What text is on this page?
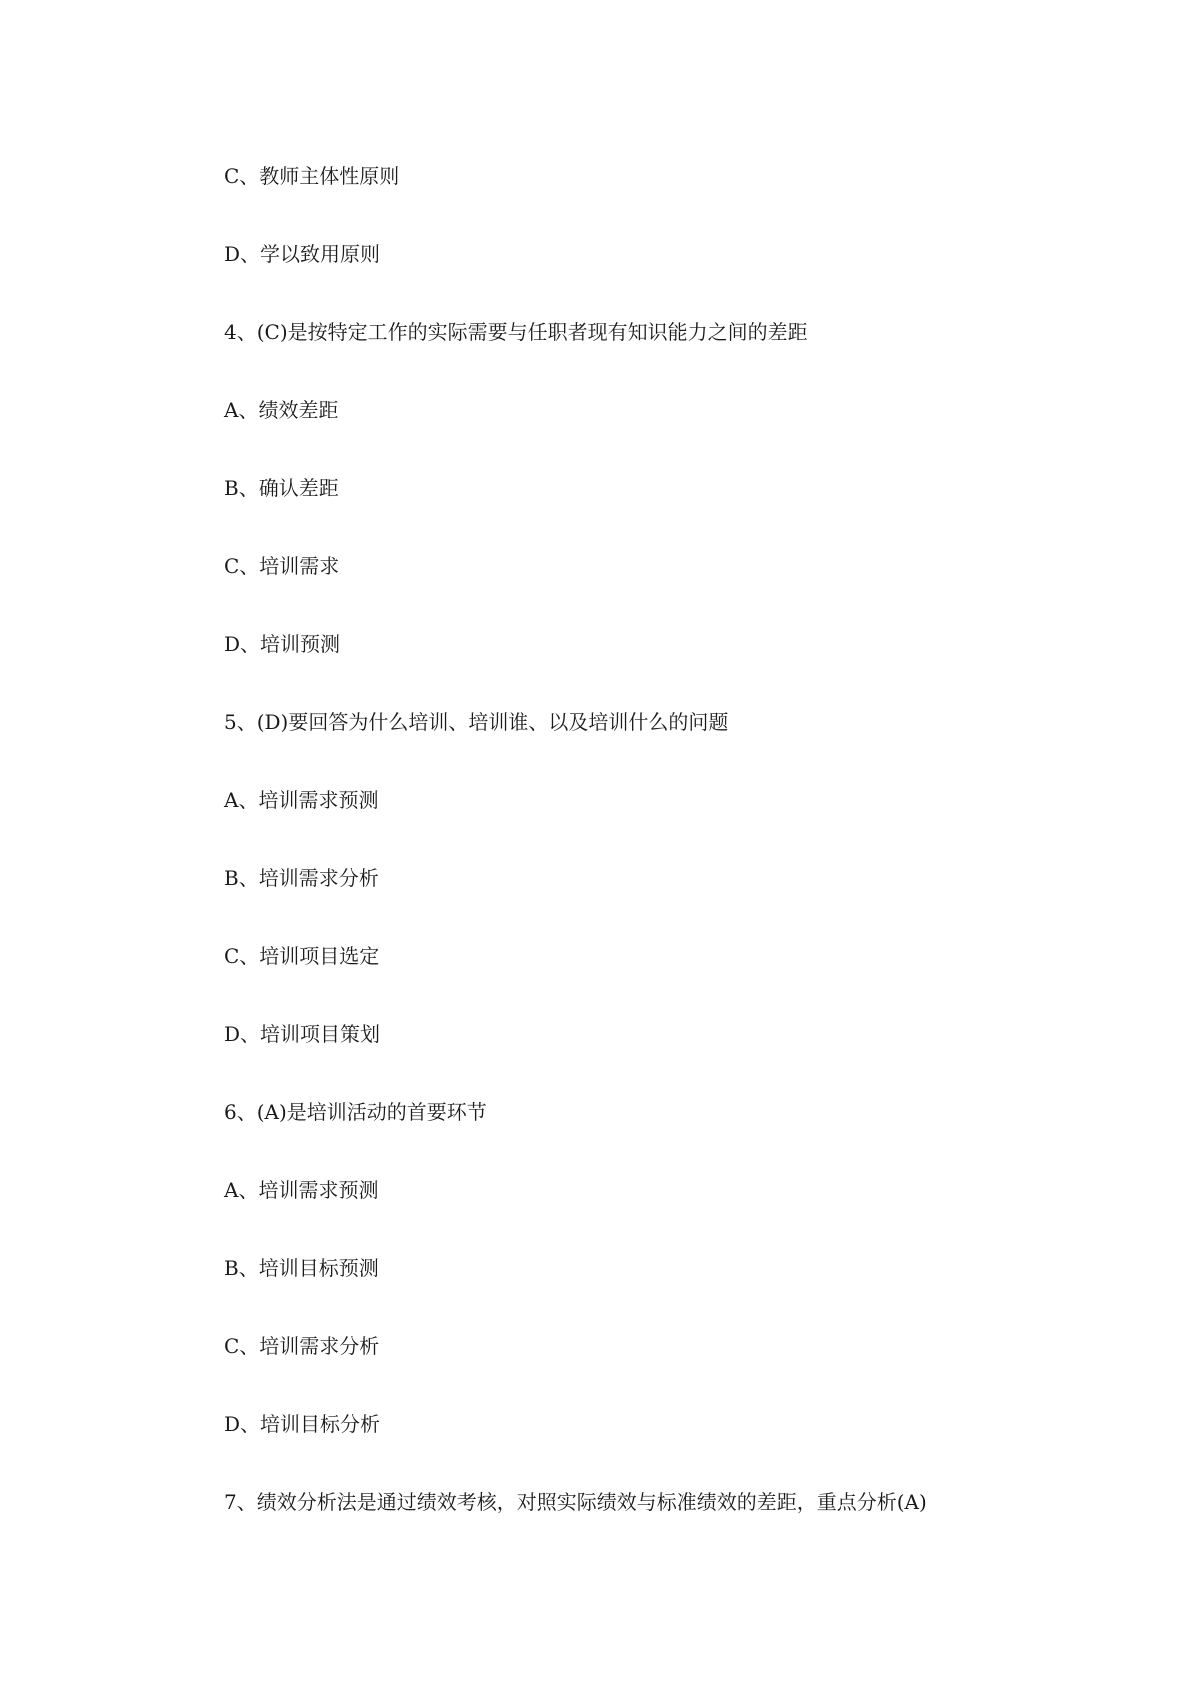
C、教师主体性原则
D、学以致用原则
4、(C)是按特定工作的实际需要与任职者现有知识能力之间的差距
A、绩效差距
B、确认差距
C、培训需求
D、培训预测
5、(D)要回答为什么培训、培训谁、以及培训什么的问题
A、培训需求预测
B、培训需求分析
C、培训项目选定
D、培训项目策划
6、(A)是培训活动的首要环节
A、培训需求预测
B、培训目标预测
C、培训需求分析
D、培训目标分析
7、绩效分析法是通过绩效考核，对照实际绩效与标准绩效的差距，重点分析(A)
